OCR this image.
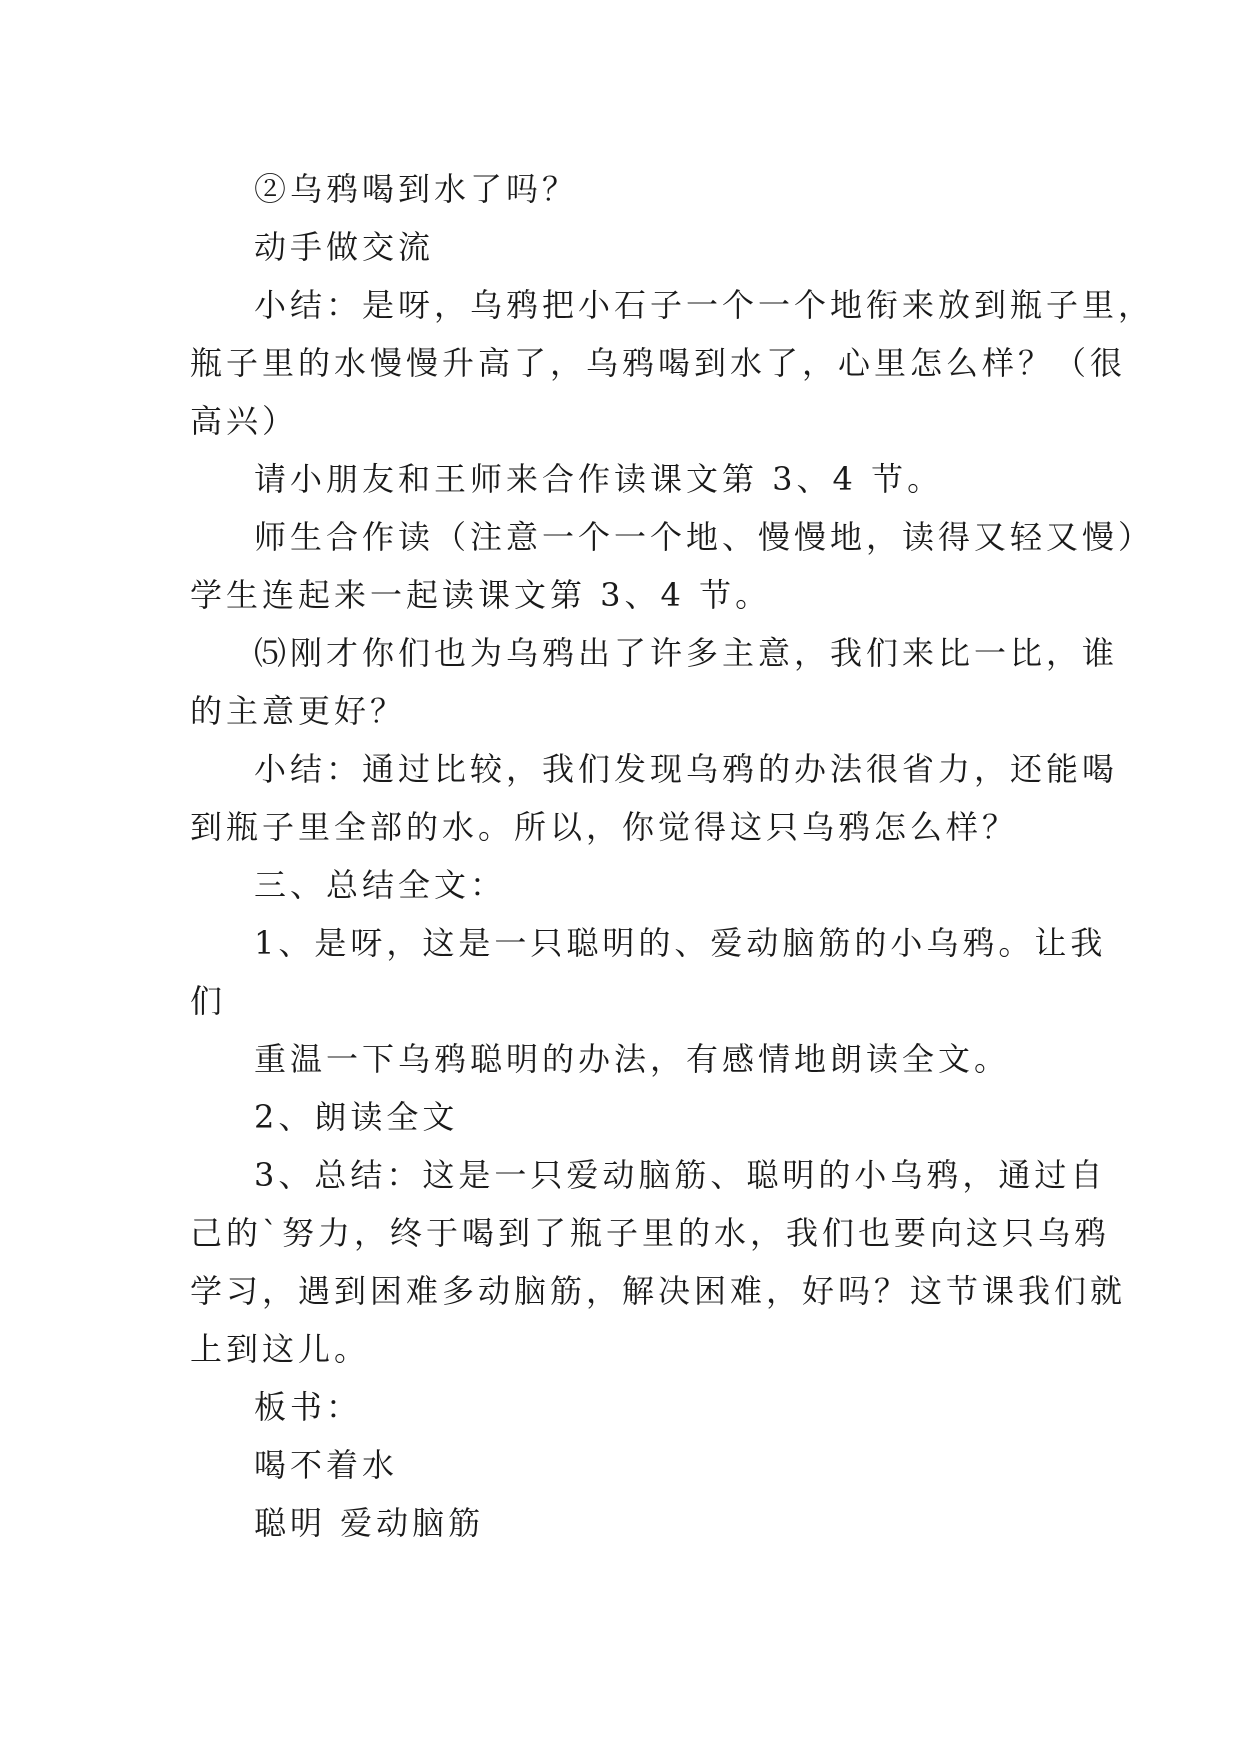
②乌鸦喝到水了吗？
动手做交流
小结：是呀，乌鸦把小石子一个一个地衔来放到瓶子里，
瓶子里的水慢慢升高了，乌鸦喝到水了，心里怎么样？（很
高兴）
请小朋友和王师来合作读课文第 3、4 节。
师生合作读（注意一个一个地、慢慢地，读得又轻又慢）
学生连起来一起读课文第 3、4 节。
⑸刚才你们也为乌鸦出了许多主意，我们来比一比，谁
的主意更好？
小结：通过比较，我们发现乌鸦的办法很省力，还能喝
到瓶子里全部的水。所以，你觉得这只乌鸦怎么样？
三、总结全文：
1、是呀，这是一只聪明的、爱动脑筋的小乌鸦。让我
们
重温一下乌鸦聪明的办法，有感情地朗读全文。
2、朗读全文
3、总结：这是一只爱动脑筋、聪明的小乌鸦，通过自
己的`努力，终于喝到了瓶子里的水，我们也要向这只乌鸦
学习，遇到困难多动脑筋，解决困难，好吗？这节课我们就
上到这儿。
板书：
喝不着水
聪明 爱动脑筋
